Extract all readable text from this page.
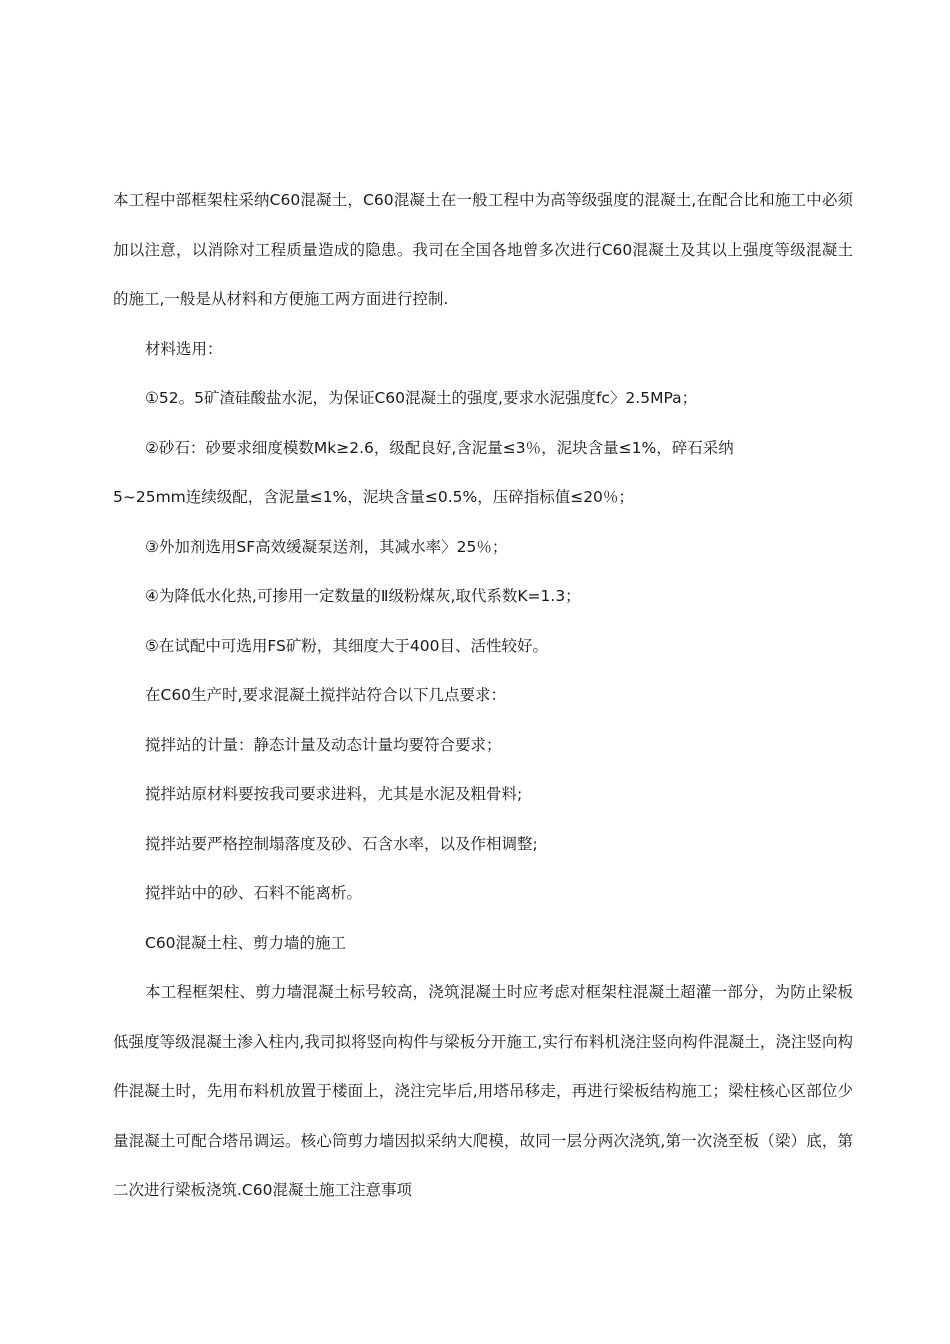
本工程中部框架柱采纳C60混凝土，C60混凝土在一般工程中为高等级强度的混凝土,在配合比和施工中必须加以注意，以消除对工程质量造成的隐患。我司在全国各地曾多次进行C60混凝土及其以上强度等级混凝土的施工,一般是从材料和方便施工两方面进行控制.

材料选用：

①52。5矿渣硅酸盐水泥，为保证C60混凝土的强度,要求水泥强度fc〉2.5MPa；

②砂石：砂要求细度模数Mk≥2.6，级配良好,含泥量≤3％，泥块含量≤1%，碎石采纳

5~25mm连续级配，含泥量≤1%，泥块含量≤0.5%，压碎指标值≤20％；

③外加剂选用SF高效缓凝泵送剂，其减水率〉25％；

④为降低水化热,可掺用一定数量的Ⅱ级粉煤灰,取代系数K=1.3；

⑤在试配中可选用FS矿粉，其细度大于400目、活性较好。

在C60生产时,要求混凝土搅拌站符合以下几点要求：

搅拌站的计量：静态计量及动态计量均要符合要求；

搅拌站原材料要按我司要求进料，尤其是水泥及粗骨料;

搅拌站要严格控制塌落度及砂、石含水率，以及作相调整;

搅拌站中的砂、石料不能离析。

C60混凝土柱、剪力墙的施工

本工程框架柱、剪力墙混凝土标号较高，浇筑混凝土时应考虑对框架柱混凝土超灌一部分，为防止梁板低强度等级混凝土渗入柱内,我司拟将竖向构件与梁板分开施工,实行布料机浇注竖向构件混凝土，浇注竖向构件混凝土时，先用布料机放置于楼面上，浇注完毕后,用塔吊移走，再进行梁板结构施工；梁柱核心区部位少量混凝土可配合塔吊调运。核心筒剪力墙因拟采纳大爬模，故同一层分两次浇筑,第一次浇至板（梁）底，第二次进行梁板浇筑.C60混凝土施工注意事项
